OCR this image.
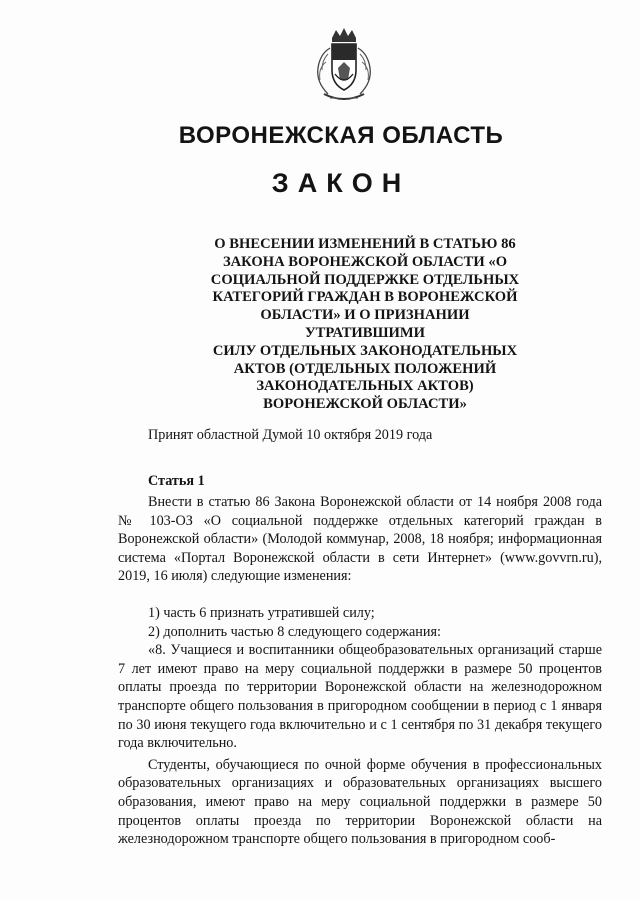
ВОРОНЕЖСКАЯ ОБЛАСТЬ
ЗАКОН
О ВНЕСЕНИИ ИЗМЕНЕНИЙ В СТАТЬЮ 86
ЗАКОНА ВОРОНЕЖСКОЙ ОБЛАСТИ «О
СОЦИАЛЬНОЙ ПОДДЕРЖКЕ ОТДЕЛЬНЫХ
КАТЕГОРИЙ ГРАЖДАН В ВОРОНЕЖСКОЙ
ОБЛАСТИ» И О ПРИЗНАНИИ УТРАТИВШИМИ
СИЛУ ОТДЕЛЬНЫХ ЗАКОНОДАТЕЛЬНЫХ
АКТОВ (ОТДЕЛЬНЫХ ПОЛОЖЕНИЙ
ЗАКОНОДАТЕЛЬНЫХ АКТОВ)
ВОРОНЕЖСКОЙ ОБЛАСТИ»
Принят областной Думой 10 октября 2019 года
Статья 1

Внести в статью 86 Закона Воронежской области от 14 ноября 2008 года № 103-ОЗ «О социальной поддержке отдельных категорий граждан в Воронежской области» (Молодой коммунар, 2008, 18 ноября; информационная система «Портал Воронежской области в сети Интернет» (www.govvrn.ru), 2019, 16 июля) следующие изменения:

1) часть 6 признать утратившей силу;

2) дополнить частью 8 следующего содержания:

«8. Учащиеся и воспитанники общеобразовательных организаций старше 7 лет имеют право на меру социальной поддержки в размере 50 процентов оплаты проезда по территории Воронежской области на железнодорожном транспорте общего пользования в пригородном сообщении в период с 1 января по 30 июня текущего года включительно и с 1 сентября по 31 декабря текущего года включительно.

Студенты, обучающиеся по очной форме обучения в профессиональных образовательных организациях и образовательных организациях высшего образования, имеют право на меру социальной поддержки в размере 50 процентов оплаты проезда по территории Воронежской области на железнодорожном транспорте общего пользования в пригородном сооб-
